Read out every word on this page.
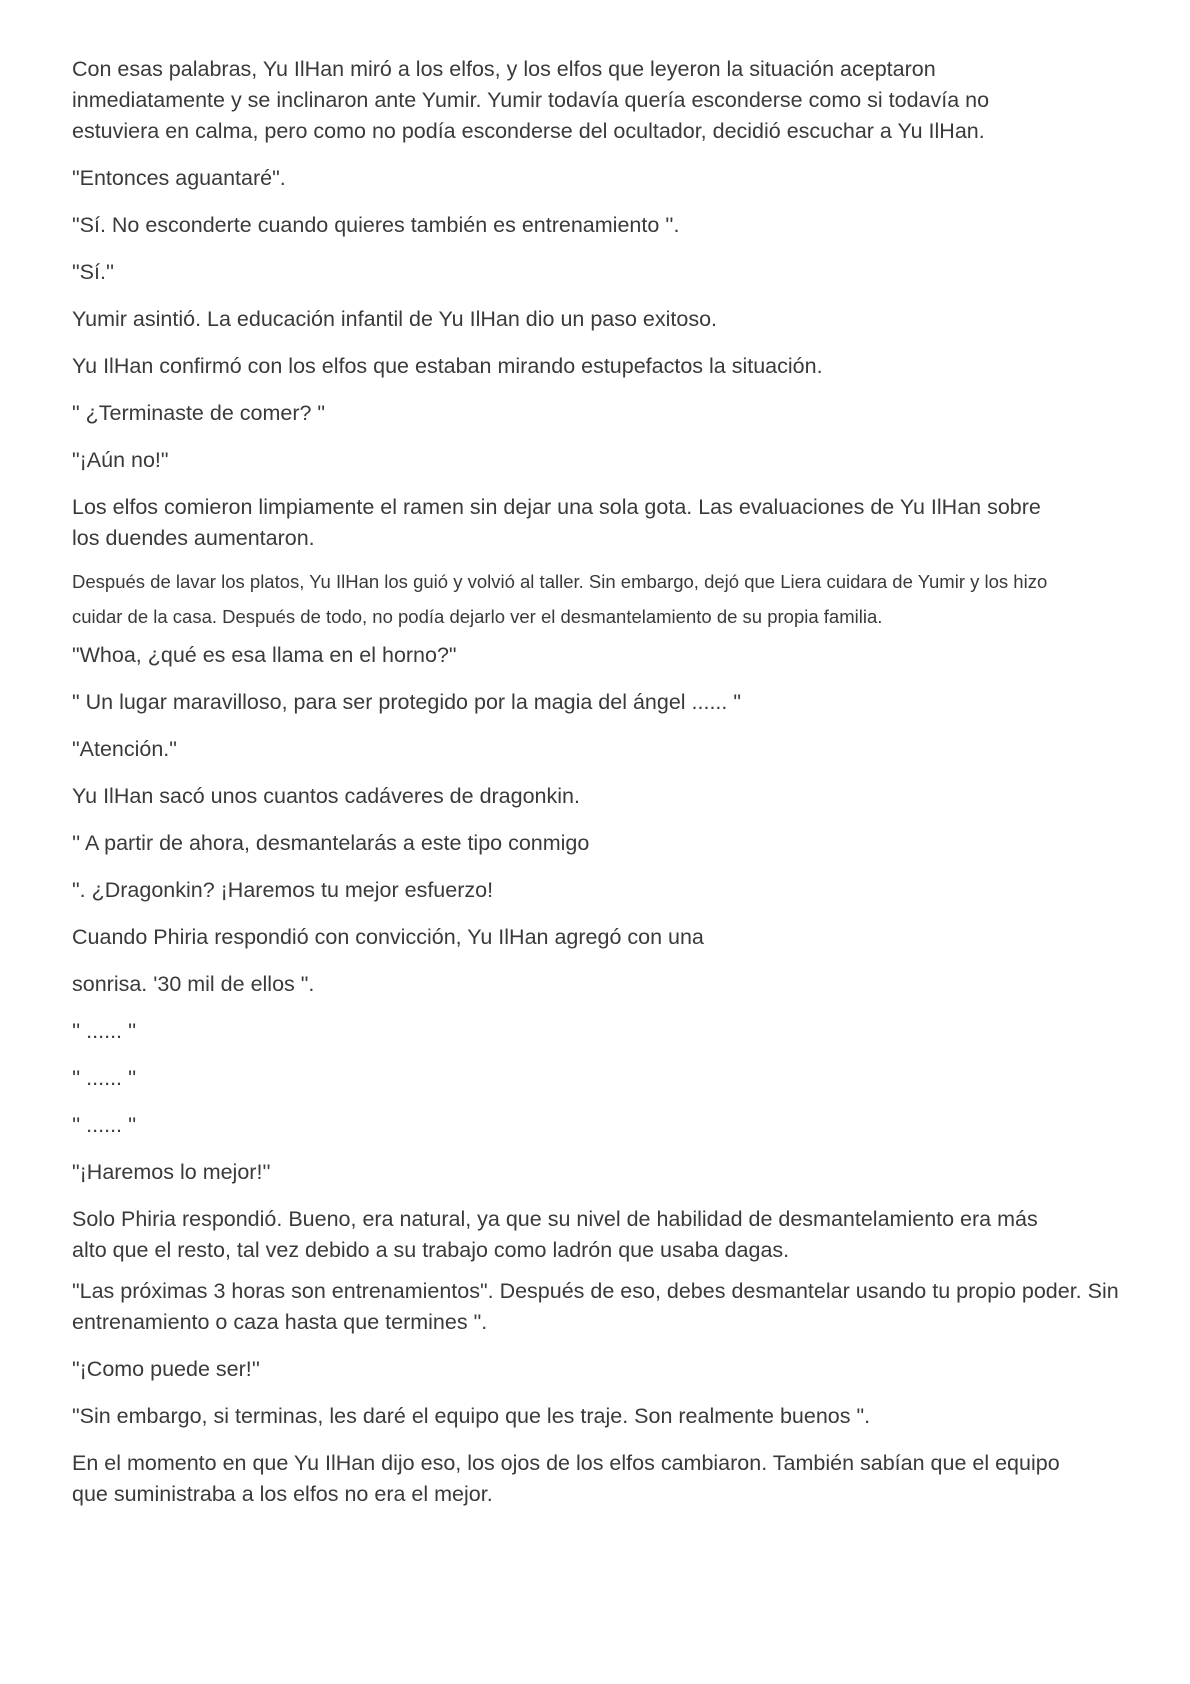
Con esas palabras, Yu IlHan miró a los elfos, y los elfos que leyeron la situación aceptaron inmediatamente y se inclinaron ante Yumir. Yumir todavía quería esconderse como si todavía no estuviera en calma, pero como no podía esconderse del ocultador, decidió escuchar a Yu IlHan.

"Entonces aguantaré".

"Sí. No esconderte cuando quieres también es entrenamiento ''.

"Sí.''

Yumir asintió. La educación infantil de Yu IlHan dio un paso exitoso.

Yu IlHan confirmó con los elfos que estaban mirando estupefactos la situación.

" ¿Terminaste de comer? "

"¡Aún no!"

Los elfos comieron limpiamente el ramen sin dejar una sola gota. Las evaluaciones de Yu IlHan sobre los duendes aumentaron.

Después de lavar los platos, Yu IlHan los guió y volvió al taller. Sin embargo, dejó que Liera cuidara de Yumir y los hizo cuidar de la casa. Después de todo, no podía dejarlo ver el desmantelamiento de su propia familia.

"Whoa, ¿qué es esa llama en el horno?"

" Un lugar maravilloso, para ser protegido por la magia del ángel ...... "

"Atención."

Yu IlHan sacó unos cuantos cadáveres de dragonkin.

'' A partir de ahora, desmantelarás a este tipo conmigo

". ¿Dragonkin? ¡Haremos tu mejor esfuerzo!

Cuando Phiria respondió con convicción, Yu IlHan agregó con una

sonrisa. '30 mil de ellos ".

'' ...... ''

'' ...... ''

'' ...... ''

"¡Haremos lo mejor!''

Solo Phiria respondió. Bueno, era natural, ya que su nivel de habilidad de desmantelamiento era más alto que el resto, tal vez debido a su trabajo como ladrón que usaba dagas.

"Las próximas 3 horas son entrenamientos". Después de eso, debes desmantelar usando tu propio poder. Sin entrenamiento o caza hasta que termines ".

"¡Como puede ser!''

"Sin embargo, si terminas, les daré el equipo que les traje. Son realmente buenos ".

En el momento en que Yu IlHan dijo eso, los ojos de los elfos cambiaron. También sabían que el equipo que suministraba a los elfos no era el mejor.
